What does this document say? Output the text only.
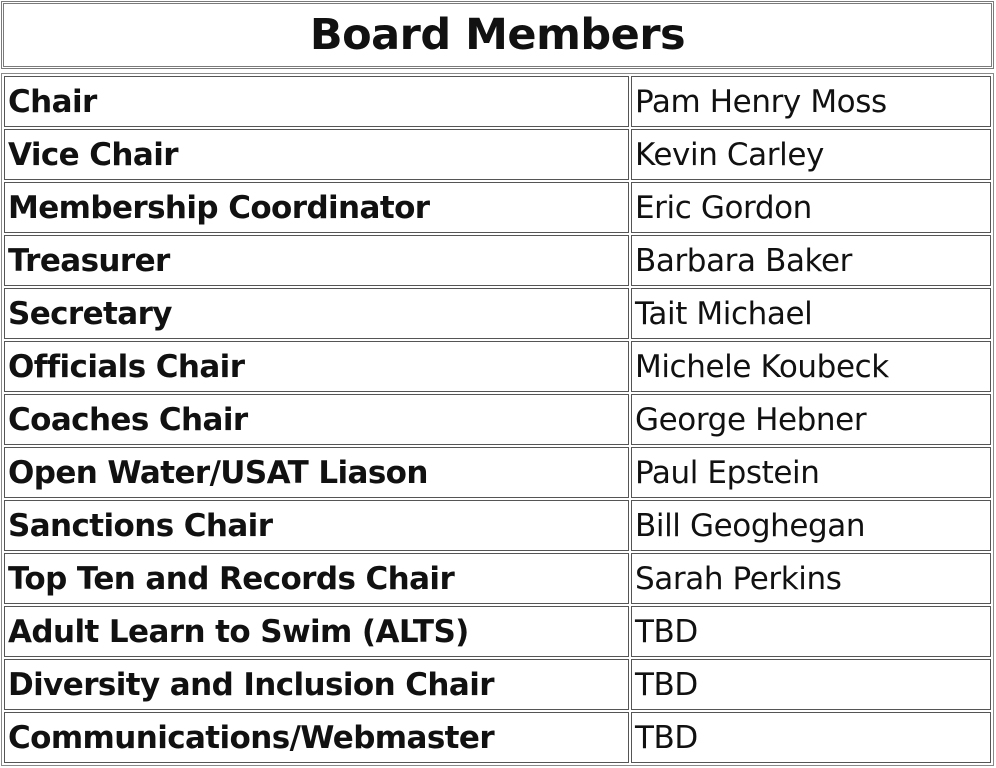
Board Members
Chair	Pam Henry Moss
Vice Chair	Kevin Carley
Membership Coordinator	Eric Gordon
Treasurer	Barbara Baker
Secretary	Tait Michael
Officials Chair	Michele Koubeck
Coaches Chair	George Hebner
Open Water/USAT Liason	Paul Epstein
Sanctions Chair	Bill Geoghegan
Top Ten and Records Chair	Sarah Perkins
Adult Learn to Swim (ALTS)	TBD
Diversity and Inclusion Chair	TBD
Communications/Webmaster	TBD
